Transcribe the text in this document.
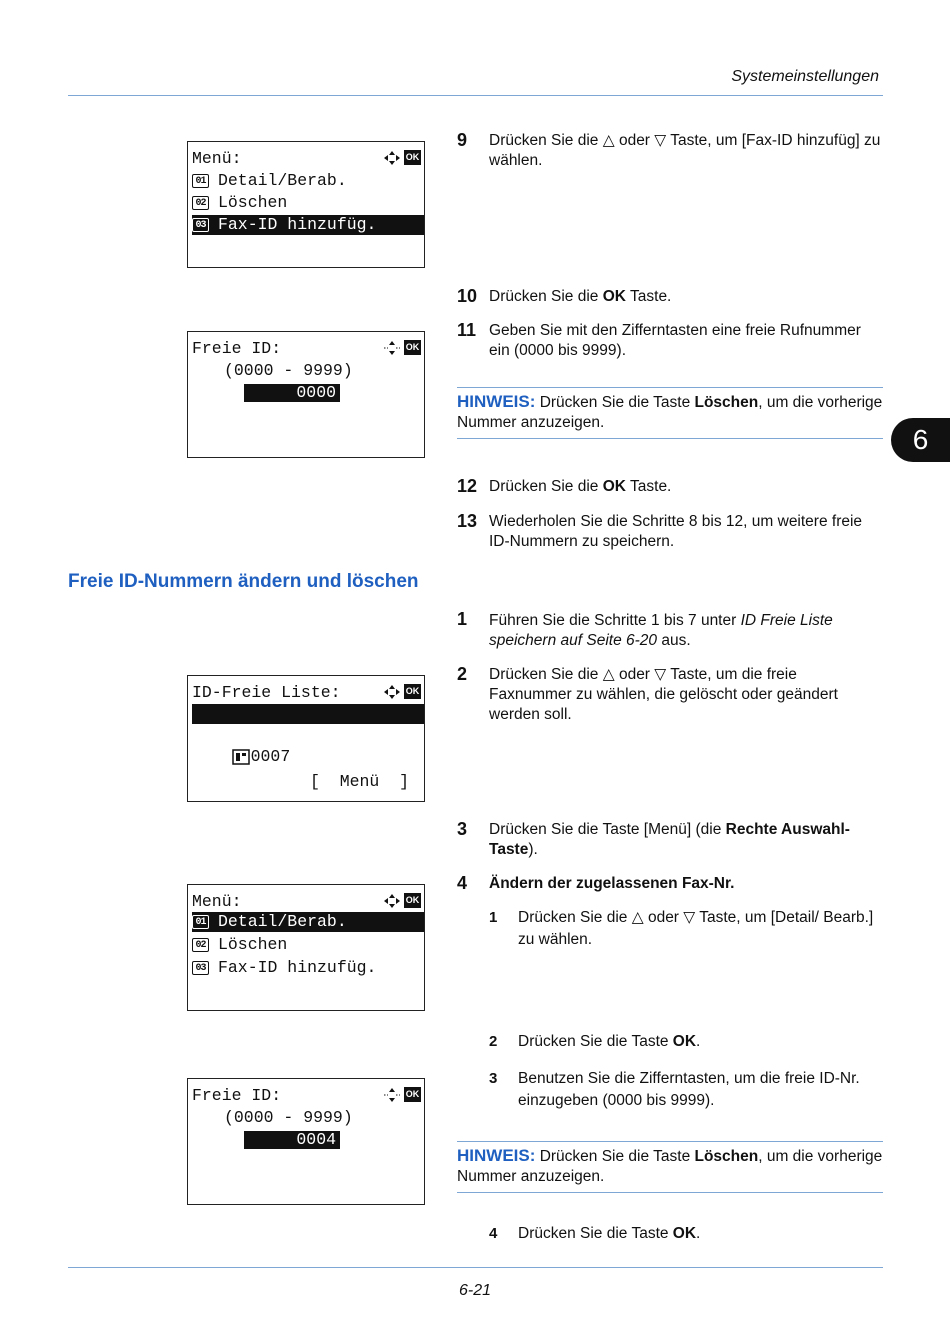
Systemeinstellungen
6
Menü:	OK
01 Detail/Berab.
02 Löschen
03 Fax-ID hinzufüg.
Freie ID:	OK
(0000 - 9999)
0000
ID-Freie Liste:	OK

0004

0007

[  Menü  ]
Menü:	OK
01 Detail/Berab.
02 Löschen
03 Fax-ID hinzufüg.
Freie ID:	OK
(0000 - 9999)
0004
9 Drücken Sie die △ oder ▽ Taste, um [Fax-ID hinzufüg] zu wählen.
10 Drücken Sie die OK Taste.
11 Geben Sie mit den Zifferntasten eine freie Rufnummer ein (0000 bis 9999).
HINWEIS: Drücken Sie die Taste Löschen, um die vorherige Nummer anzuzeigen.
12 Drücken Sie die OK Taste.
13 Wiederholen Sie die Schritte 8 bis 12, um weitere freie ID-Nummern zu speichern.
Freie ID-Nummern ändern und löschen
1 Führen Sie die Schritte 1 bis 7 unter ID Freie Liste speichern auf Seite 6-20 aus.
2 Drücken Sie die △ oder ▽ Taste, um die freie Faxnummer zu wählen, die gelöscht oder geändert werden soll.
3 Drücken Sie die Taste [Menü] (die Rechte Auswahl-Taste).
4 Ändern der zugelassenen Fax-Nr.
1 Drücken Sie die △ oder ▽ Taste, um [Detail/ Bearb.] zu wählen.
2 Drücken Sie die Taste OK.
3 Benutzen Sie die Zifferntasten, um die freie ID-Nr. einzugeben (0000 bis 9999).
HINWEIS: Drücken Sie die Taste Löschen, um die vorherige Nummer anzuzeigen.
4 Drücken Sie die Taste OK.
6-21
